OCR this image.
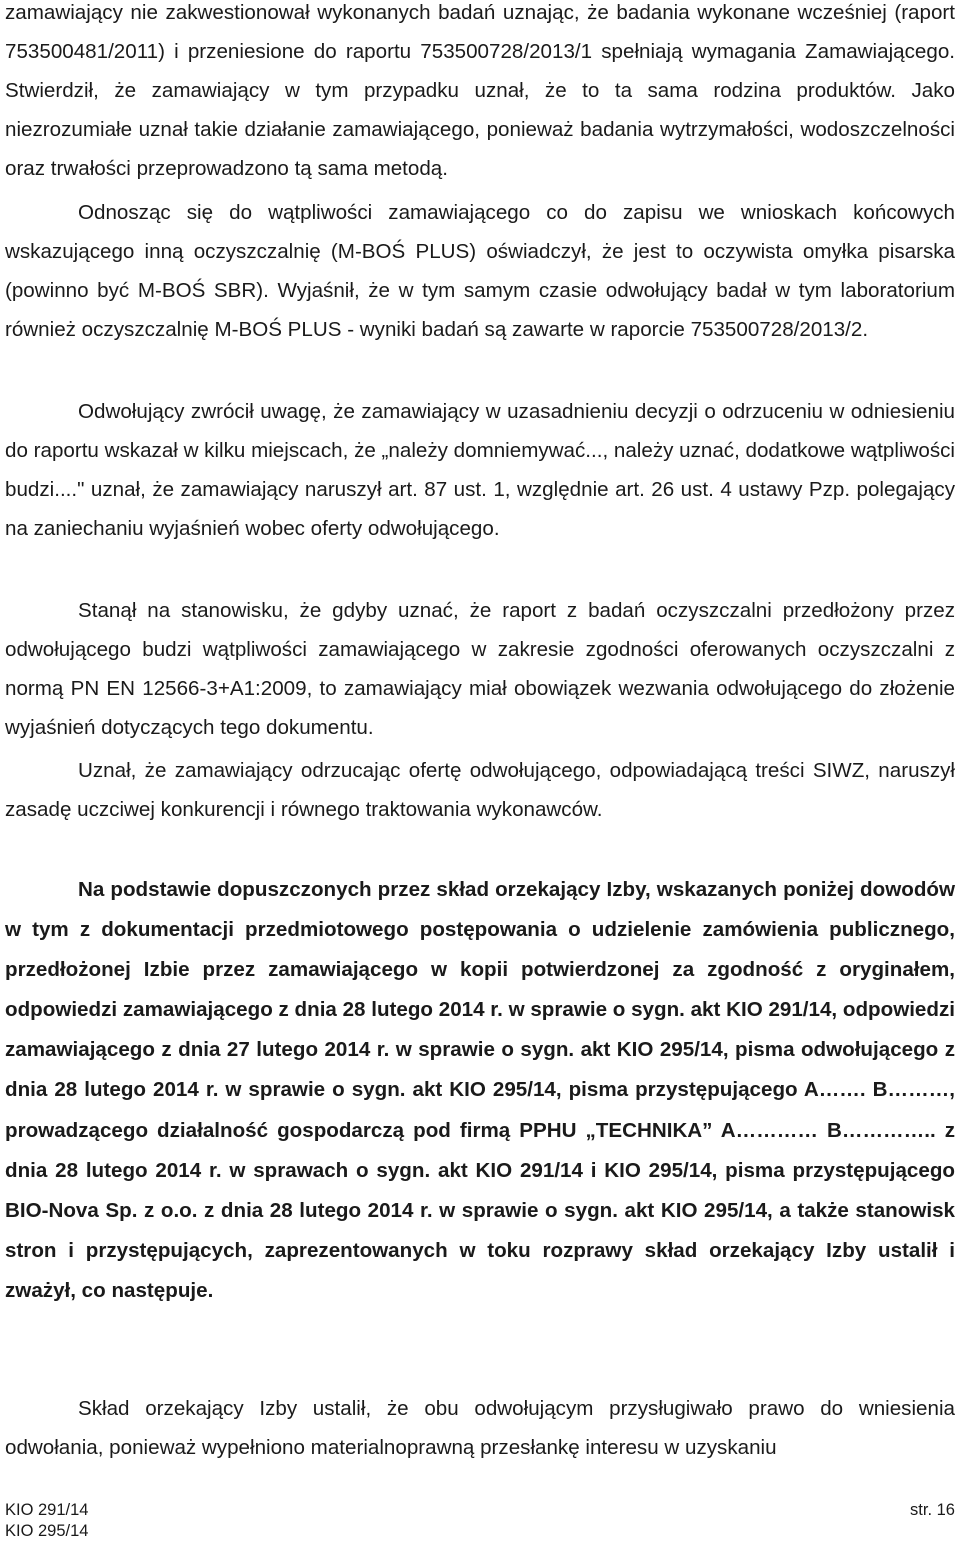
zamawiający nie zakwestionował wykonanych badań uznając, że badania wykonane wcześniej (raport 753500481/2011) i przeniesione do raportu 753500728/2013/1 spełniają wymagania Zamawiającego. Stwierdził, że zamawiający w tym przypadku uznał, że to ta sama rodzina produktów. Jako niezrozumiałe uznał takie działanie zamawiającego, ponieważ badania wytrzymałości, wodoszczelności oraz trwałości przeprowadzono tą sama metodą.

Odnosząc się do wątpliwości zamawiającego co do zapisu we wnioskach końcowych wskazującego inną oczyszczalnię (M-BOŚ PLUS) oświadczył, że jest to oczywista omyłka pisarska (powinno być M-BOŚ SBR). Wyjaśnił, że w tym samym czasie odwołujący badał w tym laboratorium również oczyszczalnię M-BOŚ PLUS - wyniki badań są zawarte w raporcie 753500728/2013/2.

Odwołujący zwrócił uwagę, że zamawiający w uzasadnieniu decyzji o odrzuceniu w odniesieniu do raportu wskazał w kilku miejscach, że „należy domniemywać..., należy uznać, dodatkowe wątpliwości budzi...." uznał, że zamawiający naruszył art. 87 ust. 1, względnie art. 26 ust. 4 ustawy Pzp. polegający na zaniechaniu wyjaśnień wobec oferty odwołującego.

Stanął na stanowisku, że gdyby uznać, że raport z badań oczyszczalni przedłożony przez odwołującego budzi wątpliwości zamawiającego w zakresie zgodności oferowanych oczyszczalni z normą PN EN 12566-3+A1:2009, to zamawiający miał obowiązek wezwania odwołującego do złożenie wyjaśnień dotyczących tego dokumentu.

Uznał, że zamawiający odrzucając ofertę odwołującego, odpowiadającą treści SIWZ, naruszył zasadę uczciwej konkurencji i równego traktowania wykonawców.

Na podstawie dopuszczonych przez skład orzekający Izby, wskazanych poniżej dowodów w tym z dokumentacji przedmiotowego postępowania o udzielenie zamówienia publicznego, przedłożonej Izbie przez zamawiającego w kopii potwierdzonej za zgodność z oryginałem, odpowiedzi zamawiającego z dnia 28 lutego 2014 r. w sprawie o sygn. akt KIO 291/14, odpowiedzi zamawiającego z dnia 27 lutego 2014 r. w sprawie o sygn. akt KIO 295/14, pisma odwołującego z dnia 28 lutego 2014 r. w sprawie o sygn. akt KIO 295/14, pisma przystępującego A……. B………, prowadzącego działalność gospodarczą pod firmą PPHU „TECHNIKA” A………… B………….. z dnia 28 lutego 2014 r. w sprawach o sygn. akt KIO 291/14 i KIO 295/14, pisma przystępującego BIO-Nova Sp. z o.o. z dnia 28 lutego 2014 r. w sprawie o sygn. akt KIO 295/14, a także stanowisk stron i przystępujących, zaprezentowanych w toku rozprawy skład orzekający Izby ustalił i zważył, co następuje.

Skład orzekający Izby ustalił, że obu odwołującym przysługiwało prawo do wniesienia odwołania, ponieważ wypełniono materialnoprawną przesłankę interesu w uzyskaniu

KIO 291/14
KIO 295/14
str. 16
